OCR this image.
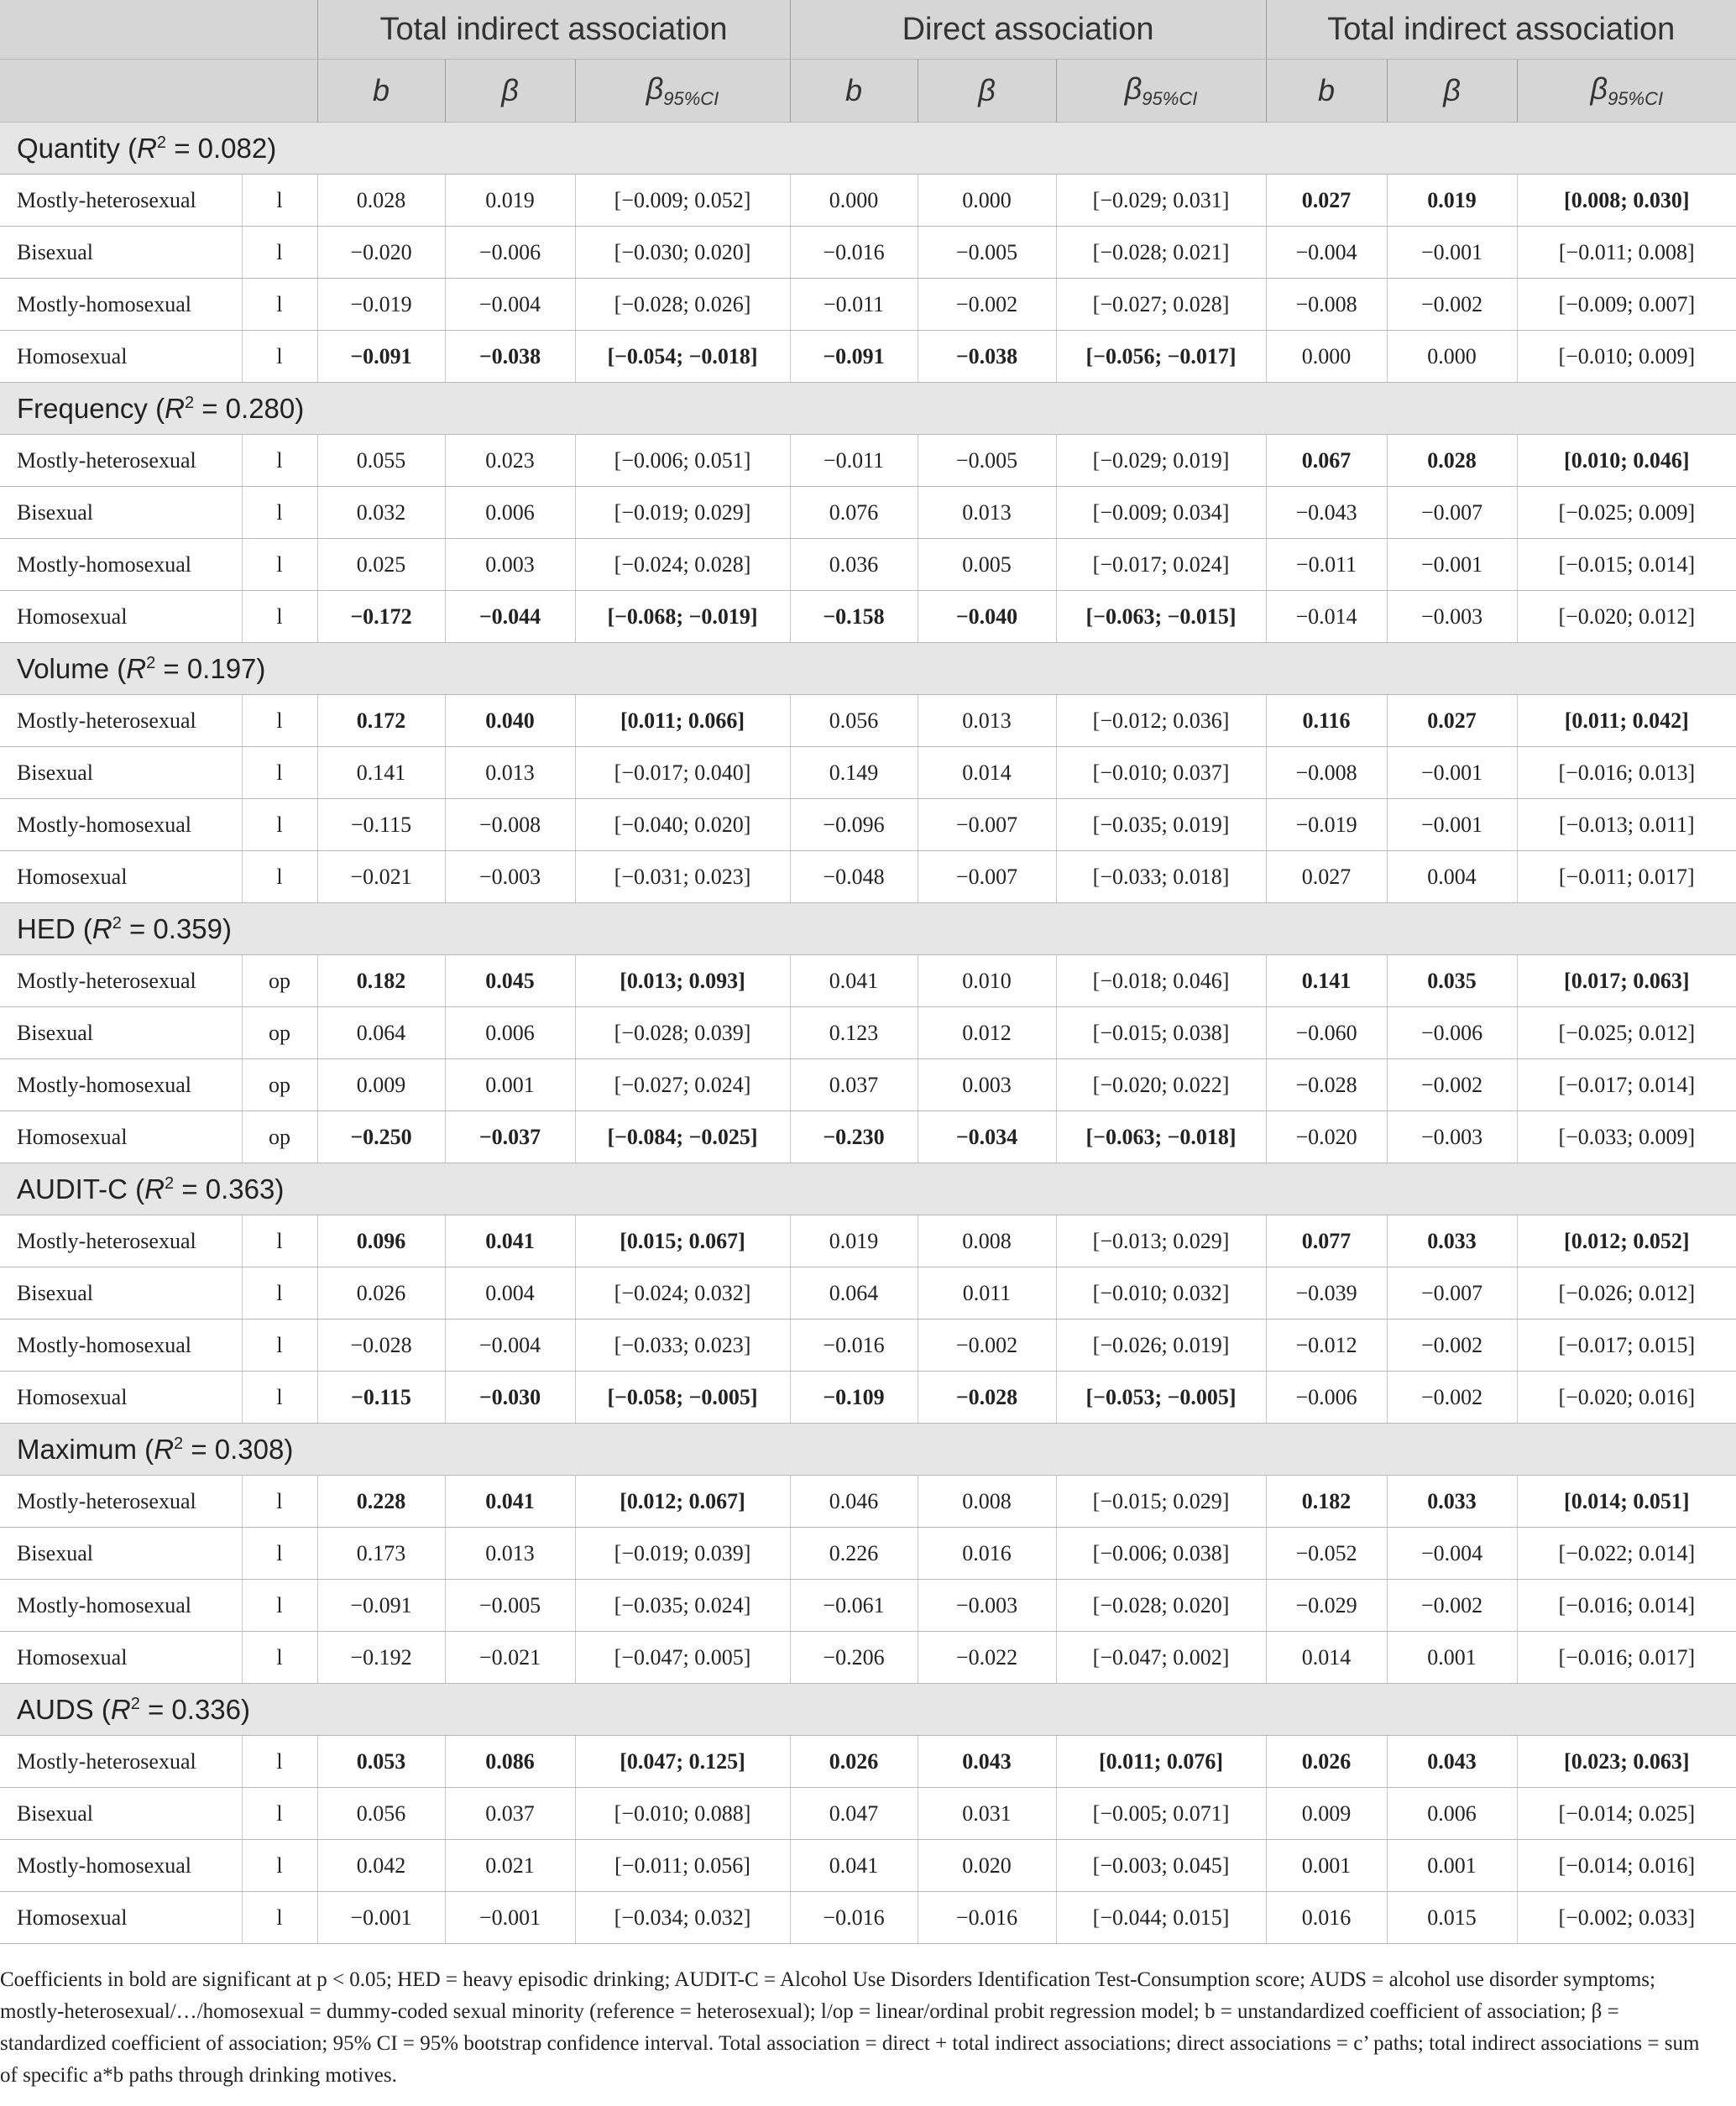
		Total indirect association			Direct association			Total indirect association		
		b	β	β95%CI	b	β	β95%CI	b	β	β95%CI
Quantity $(R^2 = 0.082)$										
Mostly-heterosexual	l	0.028	0.019	[−0.009; 0.052]	0.000	0.000	[−0.029; 0.031]	0.027	0.019	[0.008; 0.030]
Bisexual	l	−0.020	−0.006	[−0.030; 0.020]	−0.016	−0.005	[−0.028; 0.021]	−0.004	−0.001	[−0.011; 0.008]
Mostly-homosexual	l	−0.019	−0.004	[−0.028; 0.026]	−0.011	−0.002	[−0.027; 0.028]	−0.008	−0.002	[−0.009; 0.007]
Homosexual	l	−0.091	−0.038	[−0.054; −0.018]	−0.091	−0.038	[−0.056; −0.017]	0.000	0.000	[−0.010; 0.009]
Frequency $(R^2 = 0.280)$										
Mostly-heterosexual	l	0.055	0.023	[−0.006; 0.051]	−0.011	−0.005	[−0.029; 0.019]	0.067	0.028	[0.010; 0.046]
Bisexual	l	0.032	0.006	[−0.019; 0.029]	0.076	0.013	[−0.009; 0.034]	−0.043	−0.007	[−0.025; 0.009]
Mostly-homosexual	l	0.025	0.003	[−0.024; 0.028]	0.036	0.005	[−0.017; 0.024]	−0.011	−0.001	[−0.015; 0.014]
Homosexual	l	−0.172	−0.044	[−0.068; −0.019]	−0.158	−0.040	[−0.063; −0.015]	−0.014	−0.003	[−0.020; 0.012]
Volume $(R^2 = 0.197)$										
Mostly-heterosexual	l	0.172	0.040	[0.011; 0.066]	0.056	0.013	[−0.012; 0.036]	0.116	0.027	[0.011; 0.042]
Bisexual	l	0.141	0.013	[−0.017; 0.040]	0.149	0.014	[−0.010; 0.037]	−0.008	−0.001	[−0.016; 0.013]
Mostly-homosexual	l	−0.115	−0.008	[−0.040; 0.020]	−0.096	−0.007	[−0.035; 0.019]	−0.019	−0.001	[−0.013; 0.011]
Homosexual	l	−0.021	−0.003	[−0.031; 0.023]	−0.048	−0.007	[−0.033; 0.018]	0.027	0.004	[−0.011; 0.017]
HED $(R^2 = 0.359)$										
Mostly-heterosexual	op	0.182	0.045	[0.013; 0.093]	0.041	0.010	[−0.018; 0.046]	0.141	0.035	[0.017; 0.063]
Bisexual	op	0.064	0.006	[−0.028; 0.039]	0.123	0.012	[−0.015; 0.038]	−0.060	−0.006	[−0.025; 0.012]
Mostly-homosexual	op	0.009	0.001	[−0.027; 0.024]	0.037	0.003	[−0.020; 0.022]	−0.028	−0.002	[−0.017; 0.014]
Homosexual	op	−0.250	−0.037	[−0.084; −0.025]	−0.230	−0.034	[−0.063; −0.018]	−0.020	−0.003	[−0.033; 0.009]
AUDIT-C $(R^2 = 0.363)$										
Mostly-heterosexual	l	0.096	0.041	[0.015; 0.067]	0.019	0.008	[−0.013; 0.029]	0.077	0.033	[0.012; 0.052]
Bisexual	l	0.026	0.004	[−0.024; 0.032]	0.064	0.011	[−0.010; 0.032]	−0.039	−0.007	[−0.026; 0.012]
Mostly-homosexual	l	−0.028	−0.004	[−0.033; 0.023]	−0.016	−0.002	[−0.026; 0.019]	−0.012	−0.002	[−0.017; 0.015]
Homosexual	l	−0.115	−0.030	[−0.058; −0.005]	−0.109	−0.028	[−0.053; −0.005]	−0.006	−0.002	[−0.020; 0.016]
Maximum $(R^2 = 0.308)$										
Mostly-heterosexual	l	0.228	0.041	[0.012; 0.067]	0.046	0.008	[−0.015; 0.029]	0.182	0.033	[0.014; 0.051]
Bisexual	l	0.173	0.013	[−0.019; 0.039]	0.226	0.016	[−0.006; 0.038]	−0.052	−0.004	[−0.022; 0.014]
Mostly-homosexual	l	−0.091	−0.005	[−0.035; 0.024]	−0.061	−0.003	[−0.028; 0.020]	−0.029	−0.002	[−0.016; 0.014]
Homosexual	l	−0.192	−0.021	[−0.047; 0.005]	−0.206	−0.022	[−0.047; 0.002]	0.014	0.001	[−0.016; 0.017]
AUDS $(R^2 = 0.336)$										
Mostly-heterosexual	l	0.053	0.086	[0.047; 0.125]	0.026	0.043	[0.011; 0.076]	0.026	0.043	[0.023; 0.063]
Bisexual	l	0.056	0.037	[−0.010; 0.088]	0.047	0.031	[−0.005; 0.071]	0.009	0.006	[−0.014; 0.025]
Mostly-homosexual	l	0.042	0.021	[−0.011; 0.056]	0.041	0.020	[−0.003; 0.045]	0.001	0.001	[−0.014; 0.016]
Homosexual	l	−0.001	−0.001	[−0.034; 0.032]	−0.016	−0.016	[−0.044; 0.015]	0.016	0.015	[−0.002; 0.033]
Coefficients in bold are significant at p < 0.05; HED = heavy episodic drinking; AUDIT-C = Alcohol Use Disorders Identification Test-Consumption score; AUDS = alcohol use disorder symptoms; mostly-heterosexual/…/homosexual = dummy-coded sexual minority (reference = heterosexual); l/op = linear/ordinal probit regression model; b = unstandardized coefficient of association; β = standardized coefficient of association; 95% CI = 95% bootstrap confidence interval. Total association = direct + total indirect associations; direct associations = c’ paths; total indirect associations = sum of specific a*b paths through drinking motives.
